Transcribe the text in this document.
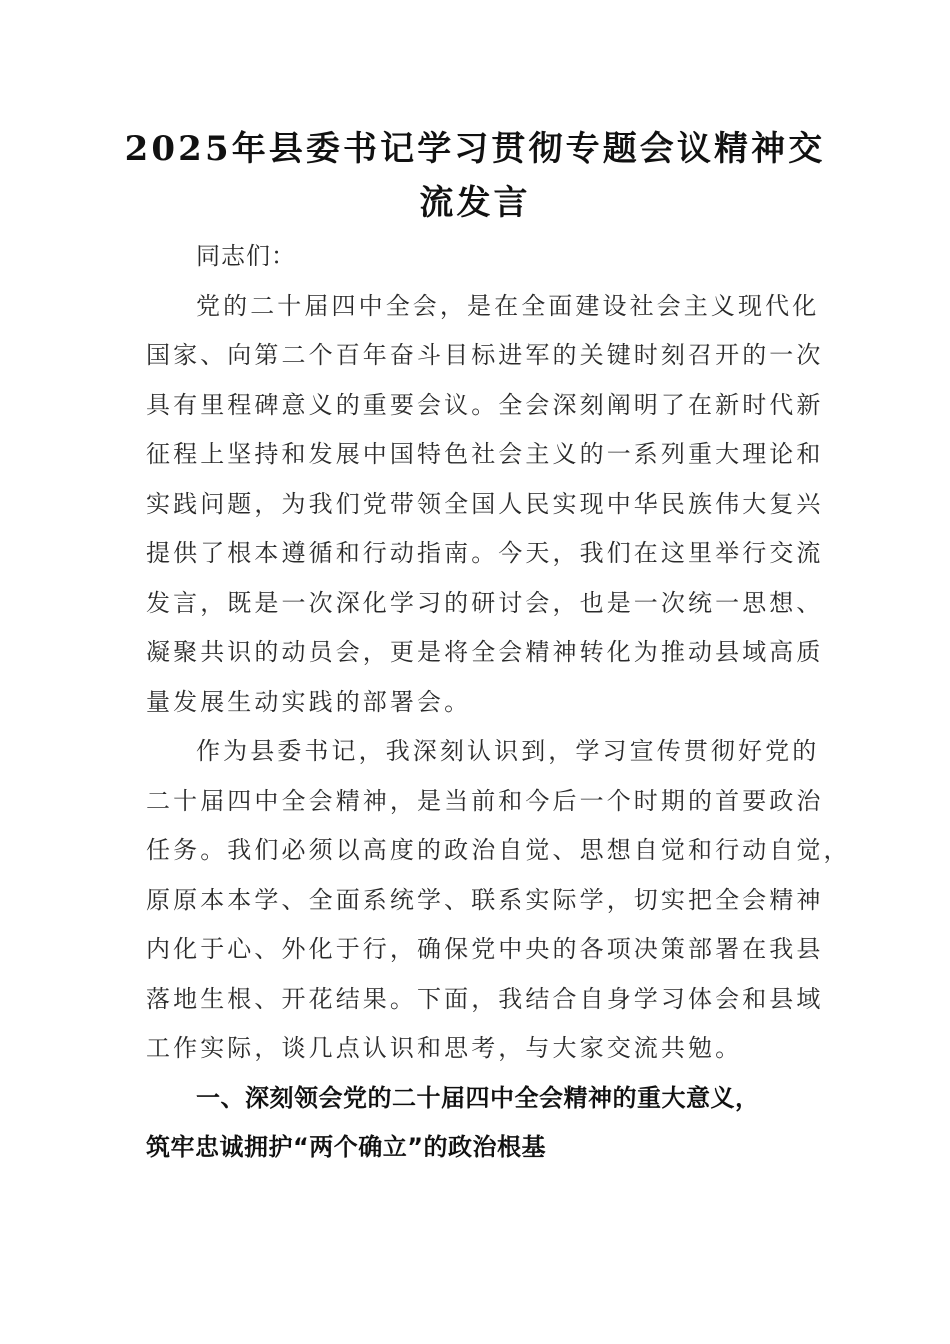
2025年县委书记学习贯彻专题会议精神交
流发言

同志们：

党的二十届四中全会，是在全面建设社会主义现代化
国家、向第二个百年奋斗目标进军的关键时刻召开的一次
具有里程碑意义的重要会议。全会深刻阐明了在新时代新
征程上坚持和发展中国特色社会主义的一系列重大理论和
实践问题，为我们党带领全国人民实现中华民族伟大复兴
提供了根本遵循和行动指南。今天，我们在这里举行交流
发言，既是一次深化学习的研讨会，也是一次统一思想、
凝聚共识的动员会，更是将全会精神转化为推动县域高质
量发展生动实践的部署会。

作为县委书记，我深刻认识到，学习宣传贯彻好党的
二十届四中全会精神，是当前和今后一个时期的首要政治
任务。我们必须以高度的政治自觉、思想自觉和行动自觉，
原原本本学、全面系统学、联系实际学，切实把全会精神
内化于心、外化于行，确保党中央的各项决策部署在我县
落地生根、开花结果。下面，我结合自身学习体会和县域
工作实际，谈几点认识和思考，与大家交流共勉。

一、深刻领会党的二十届四中全会精神的重大意义，
筑牢忠诚拥护“两个确立”的政治根基
